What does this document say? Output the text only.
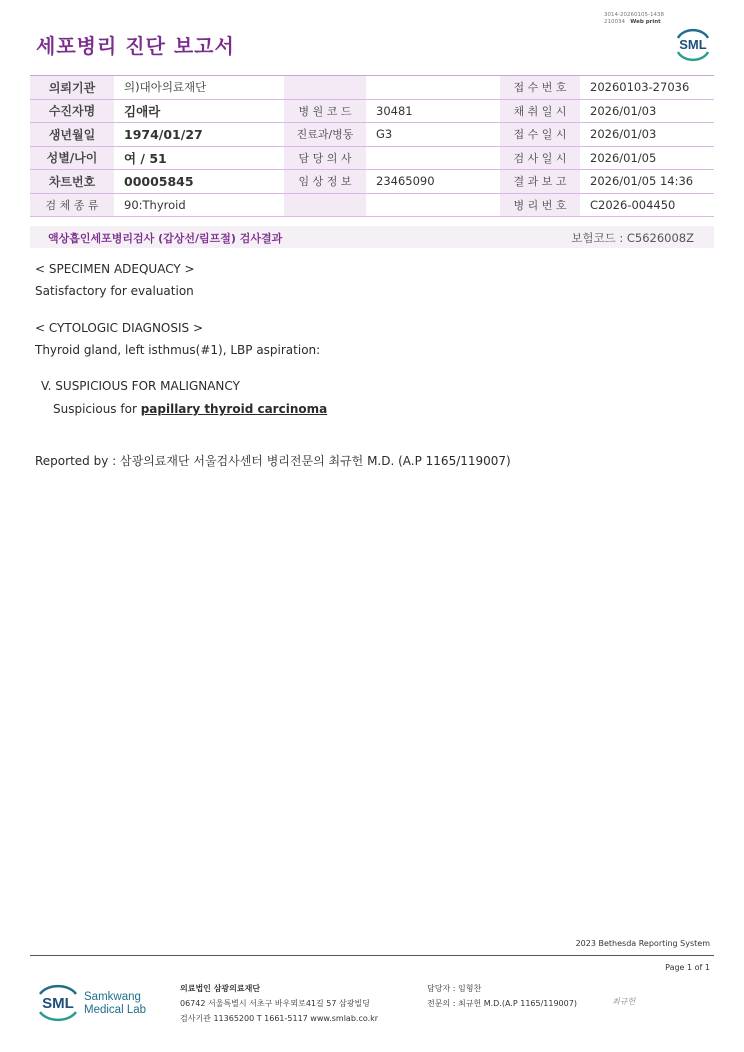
3014-20260105-1438
210034 Web print
세포병리 진단 보고서	SML
의뢰기관	의)대아의료재단			접 수 번 호	20260103-27036
수진자명	김애라	병 원 코 드	30481	채 취 일 시	2026/01/03
생년월일	1974/01/27	진료과/병동	G3	접 수 일 시	2026/01/03
성별/나이	여 / 51	담 당 의 사		검 사 일 시	2026/01/05
차트번호	00005845	임 상 정 보	23465090	결 과 보 고	2026/01/05 14:36
검 체 종 류	90:Thyroid			병 리 번 호	C2026-004450
액상흡인세포병리검사 (갑상선/림프절) 검사결과	보험코드 : C5626008Z
< SPECIMEN ADEQUACY >
Satisfactory for evaluation
< CYTOLOGIC DIAGNOSIS >
Thyroid gland, left isthmus(#1), LBP aspiration:
V. SUSPICIOUS FOR MALIGNANCY
Suspicious for papillary thyroid carcinoma
Reported by : 삼광의료재단 서울검사센터 병리전문의 최규헌 M.D. (A.P 1165/119007)
2023 Bethesda Reporting System
Page 1 of 1
SML Samkwang
Medical Lab
의료법인 삼광의료재단
06742 서울특별시 서초구 바우뫼로41길 57 삼광빌딩
검사기관 11365200 T 1661-5117 www.smlab.co.kr
담당자 : 임형찬
전문의 : 최규헌 M.D.(A.P 1165/119007)	최규헌
